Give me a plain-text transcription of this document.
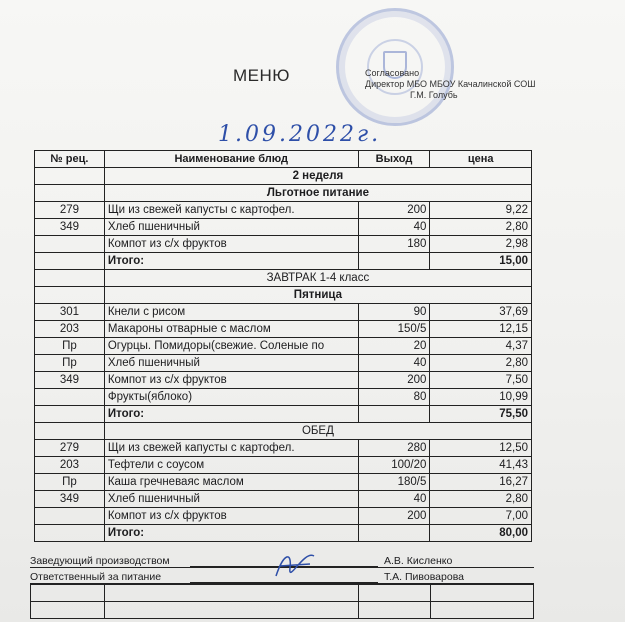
МЕНЮ	Согласовано
Директор МБО МБОУ Качалинской СОШ
Г.М. Голубь
1.09.2022г.
№ рец.	Наименование блюд	Выход	цена
	2 неделя		
	Льготное питание		
279	Щи из свежей капусты с картофел.	200	9,22
349	Хлеб пшеничный	40	2,80
	Компот из с/х фруктов	180	2,98
	Итого:		15,00
	ЗАВТРАК 1-4 класс		
	Пятница		
301	Кнели с рисом	90	37,69
203	Макароны отварные с маслом	150/5	12,15
Пр	Огурцы. Помидоры(свежие. Соленые по	20	4,37
Пр	Хлеб пшеничный	40	2,80
349	Компот из с/х фруктов	200	7,50
	Фрукты(яблоко)	80	10,99
	Итого:		75,50
	ОБЕД		
279	Щи из свежей капусты с картофел.	280	12,50
203	Тефтели с соусом	100/20	41,43
Пр	Каша гречневаяс маслом	180/5	16,27
349	Хлеб пшеничный	40	2,80
	Компот из с/х фруктов	200	7,00
	Итого:		80,00
Заведующий производством	А.В. Кисленко
Ответственный за питание	Т.А. Пивоварова
